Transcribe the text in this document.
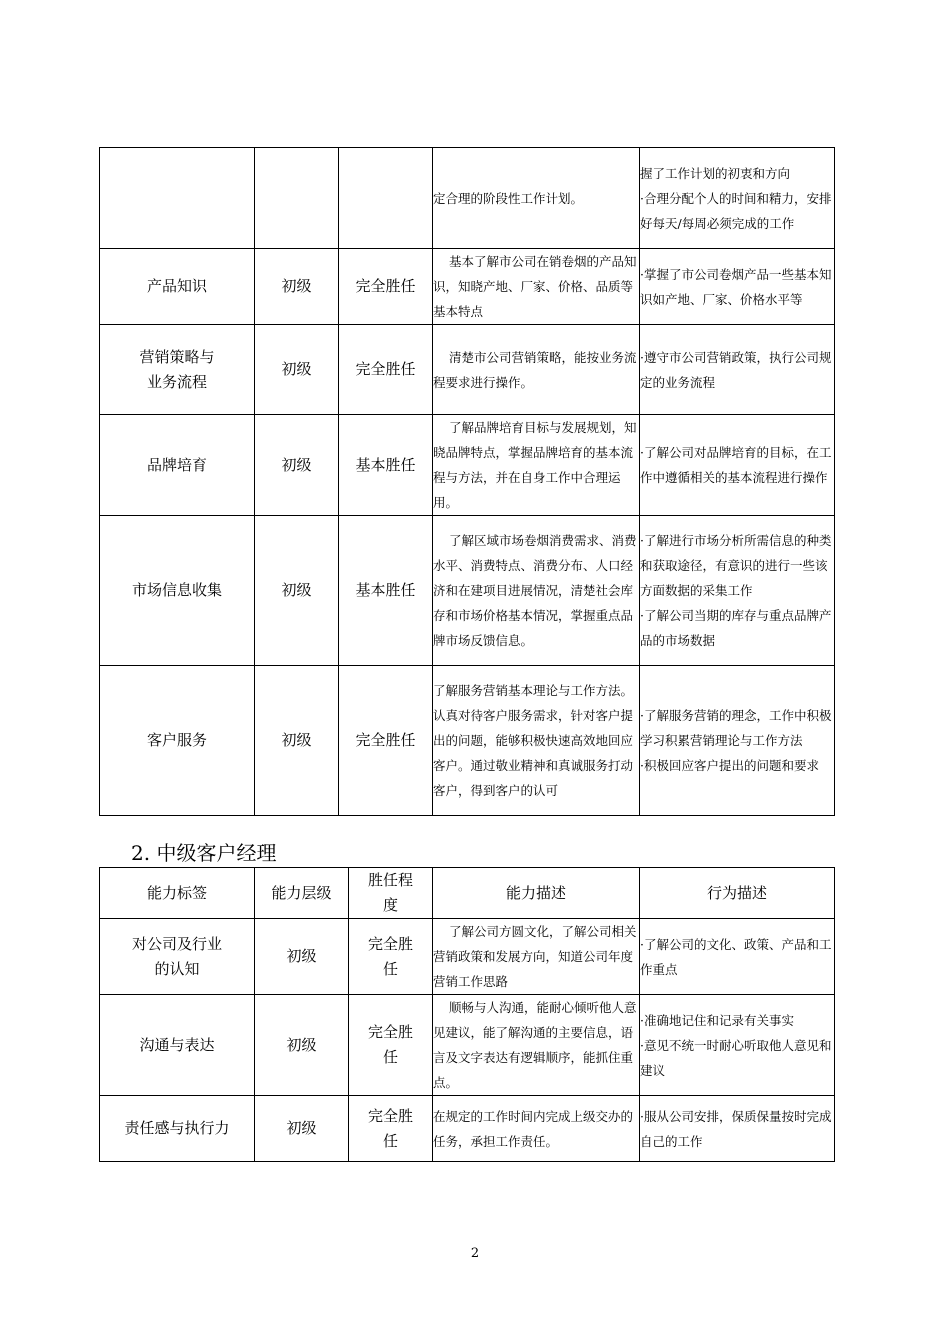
			定合理的阶段性工作计划。	握了工作计划的初衷和方向
·合理分配个人的时间和精力，安排好每天/每周必须完成的工作

产品知识	初级	完全胜任	基本了解市公司在销卷烟的产品知识，知晓产地、厂家、价格、品质等基本特点	·掌握了市公司卷烟产品一些基本知识如产地、厂家、价格水平等

营销策略与
业务流程	初级	完全胜任	清楚市公司营销策略，能按业务流程要求进行操作。	·遵守市公司营销政策，执行公司规定的业务流程

品牌培育	初级	基本胜任	了解品牌培育目标与发展规划，知晓品牌特点，掌握品牌培育的基本流程与方法，并在自身工作中合理运用。	·了解公司对品牌培育的目标，在工作中遵循相关的基本流程进行操作

市场信息收集	初级	基本胜任	了解区域市场卷烟消费需求、消费水平、消费特点、消费分布、人口经济和在建项目进展情况，清楚社会库存和市场价格基本情况，掌握重点品牌市场反馈信息。	·了解进行市场分析所需信息的种类和获取途径，有意识的进行一些该方面数据的采集工作
·了解公司当期的库存与重点品牌产品的市场数据

客户服务	初级	完全胜任	了解服务营销基本理论与工作方法。认真对待客户服务需求，针对客户提出的问题，能够积极快速高效地回应客户。通过敬业精神和真诚服务打动客户，得到客户的认可	·了解服务营销的理念，工作中积极学习积累营销理论与工作方法
·积极回应客户提出的问题和要求
2. 中级客户经理
能力标签	能力层级	胜任程
度	能力描述	行为描述

对公司及行业
的认知	初级	完全胜
任	了解公司方圆文化，了解公司相关营销政策和发展方向，知道公司年度营销工作思路	·了解公司的文化、政策、产品和工作重点

沟通与表达	初级	完全胜
任	顺畅与人沟通，能耐心倾听他人意见建议，能了解沟通的主要信息，语言及文字表达有逻辑顺序，能抓住重点。	·准确地记住和记录有关事实
·意见不统一时耐心听取他人意见和建议

责任感与执行力	初级	完全胜
任	在规定的工作时间内完成上级交办的任务，承担工作责任。	·服从公司安排，保质保量按时完成自己的工作
2
